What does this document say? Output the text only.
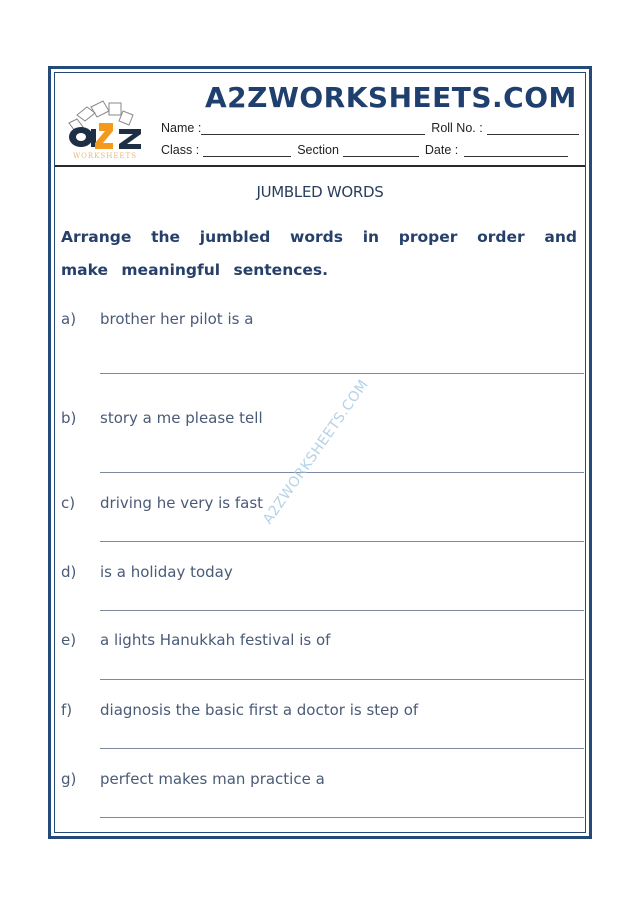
WORKSHEETS
A2ZWORKSHEETS.COM
Name :	Roll No. :
Class :	Section	Date :
JUMBLED WORDS
Arrange the jumbled words in proper order and make meaningful sentences.
a) brother her pilot is a
b) story a me please tell
c) driving he very is fast
d) is a holiday today
e) a lights Hanukkah festival is of
f) diagnosis the basic first a doctor is step of
g) perfect makes man practice a
A2ZWORKSHEETS.COM
